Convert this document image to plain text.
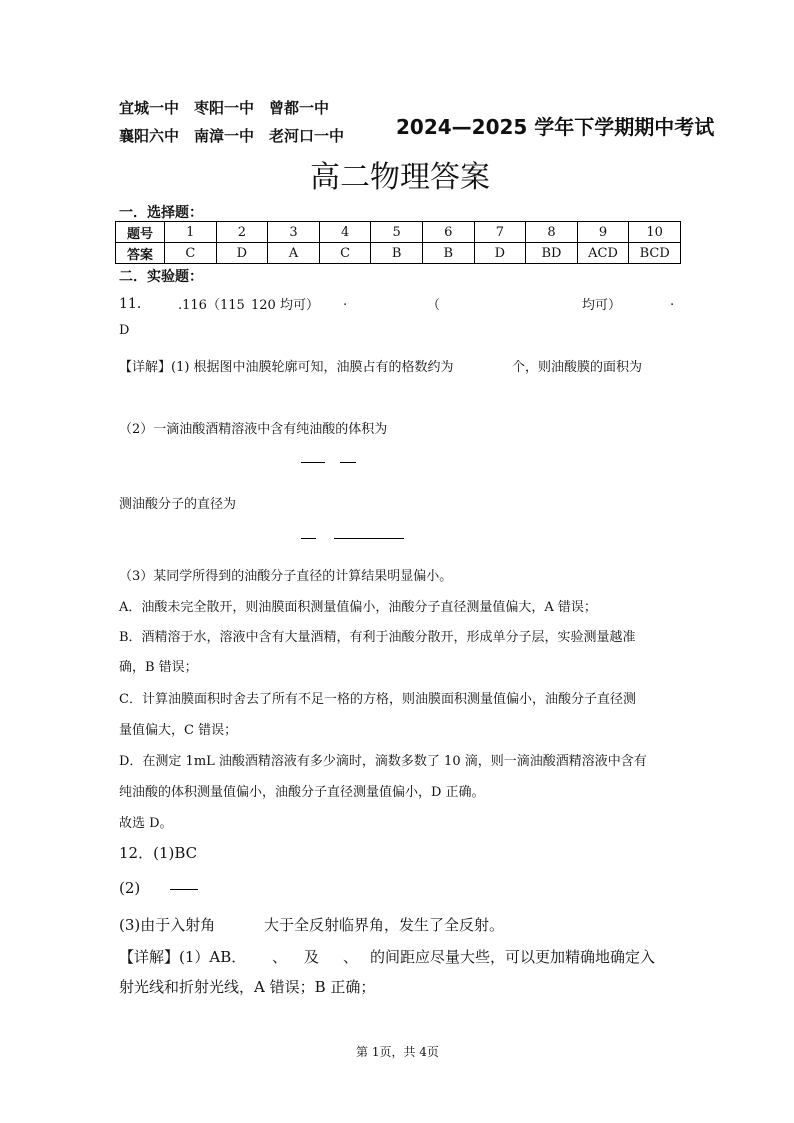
宜城一中　枣阳一中　曾都一中
襄阳六中　南漳一中　老河口一中	2024—2025 学年下学期期中考试
高二物理答案
一．选择题：
题号	1	2	3	4	5	6	7	8	9	10
答案	C	D	A	C	B	B	D	BD	ACD	BCD
二．实验题：
11． .116（115 120 均可） .	（	均可）	.
D
【详解】(1) 根据图中油膜轮廓可知，油膜占有的格数约为	个，则油酸膜的面积为
（2）一滴油酸酒精溶液中含有纯油酸的体积为
测油酸分子的直径为
（3）某同学所得到的油酸分子直径的计算结果明显偏小。
A．油酸未完全散开，则油膜面积测量值偏小，油酸分子直径测量值偏大，A 错误；
B．酒精溶于水，溶液中含有大量酒精，有利于油酸分散开，形成单分子层，实验测量越准
确，B 错误；
C．计算油膜面积时舍去了所有不足一格的方格，则油膜面积测量值偏小，油酸分子直径测
量值偏大，C 错误；
D．在测定 1mL 油酸酒精溶液有多少滴时，滴数多数了 10 滴，则一滴油酸酒精溶液中含有
纯油酸的体积测量值偏小，油酸分子直径测量值偏小，D 正确。
故选 D。
12．(1)BC
(2)
(3)由于入射角	大于全反射临界角，发生了全反射。
【详解】(1）AB． 、 及 、 的间距应尽量大些，可以更加精确地确定入
射光线和折射光线，A 错误；B 正确；
第 1页，共 4页
